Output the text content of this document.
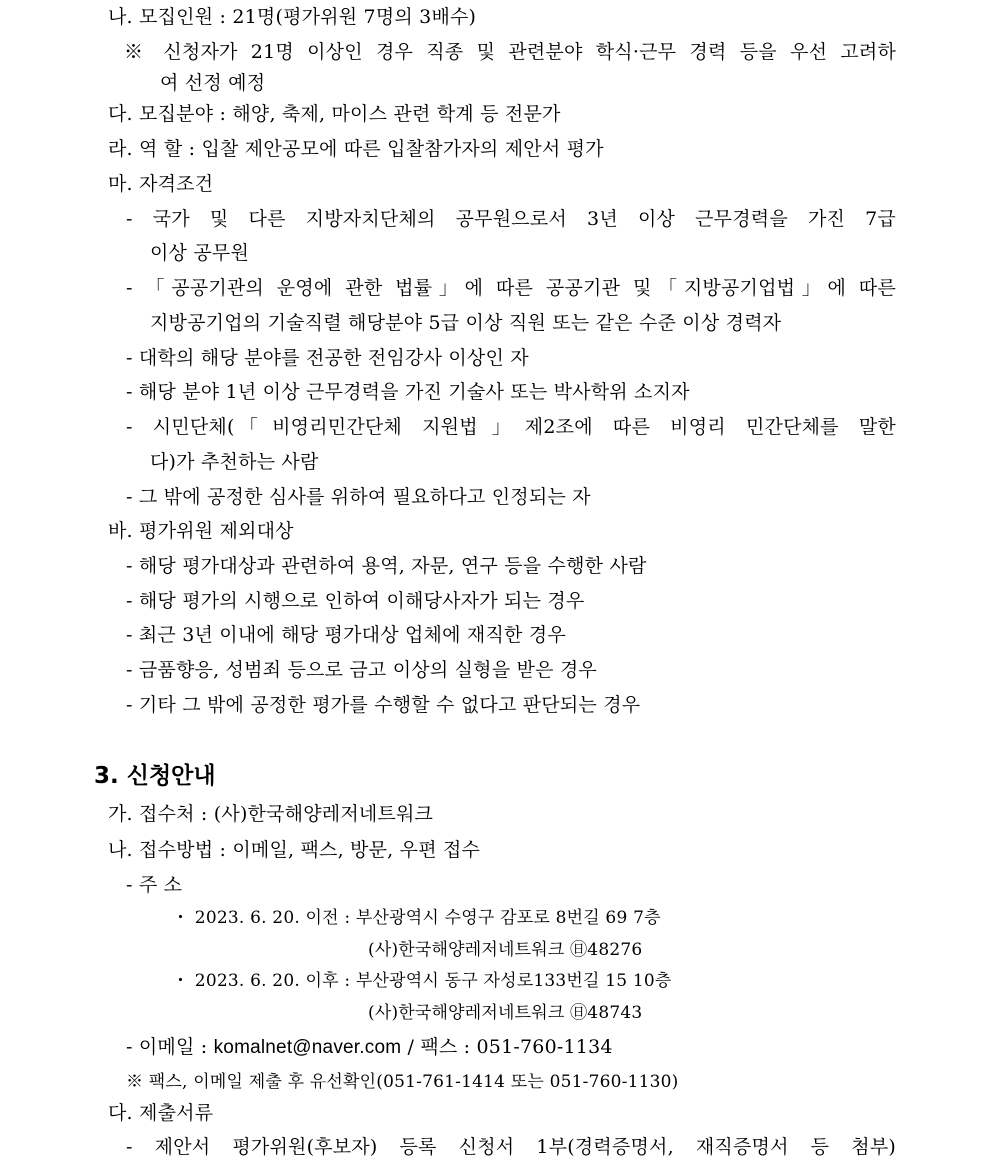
나. 모집인원 : 21명(평가위원 7명의 3배수)
※ 신청자가 21명 이상인 경우 직종 및 관련분야 학식·근무 경력 등을 우선 고려하
여 선정 예정
다. 모집분야 : 해양, 축제, 마이스 관련 학계 등 전문가
라. 역 할 : 입찰 제안공모에 따른 입찰참가자의 제안서 평가
마. 자격조건
- 국가 및 다른 지방자치단체의 공무원으로서 3년 이상 근무경력을 가진 7급
이상 공무원
- 「공공기관의 운영에 관한 법률」에 따른 공공기관 및「지방공기업법」에 따른
지방공기업의 기술직렬 해당분야 5급 이상 직원 또는 같은 수준 이상 경력자
- 대학의 해당 분야를 전공한 전임강사 이상인 자
- 해당 분야 1년 이상 근무경력을 가진 기술사 또는 박사학위 소지자
- 시민단체(「비영리민간단체 지원법」제2조에 따른 비영리 민간단체를 말한
다)가 추천하는 사람
- 그 밖에 공정한 심사를 위하여 필요하다고 인정되는 자
바. 평가위원 제외대상
- 해당 평가대상과 관련하여 용역, 자문, 연구 등을 수행한 사람
- 해당 평가의 시행으로 인하여 이해당사자가 되는 경우
- 최근 3년 이내에 해당 평가대상 업체에 재직한 경우
- 금품향응, 성범죄 등으로 금고 이상의 실형을 받은 경우
- 기타 그 밖에 공정한 평가를 수행할 수 없다고 판단되는 경우
3. 신청안내
가. 접수처 : (사)한국해양레저네트워크
나. 접수방법 : 이메일, 팩스, 방문, 우편 접수
- 주 소
・ 2023. 6. 20. 이전 : 부산광역시 수영구 감포로 8번길 69 7층
(사)한국해양레저네트워크 ㊐48276
・ 2023. 6. 20. 이후 : 부산광역시 동구 자성로133번길 15 10층
(사)한국해양레저네트워크 ㊐48743
- 이메일 : komalnet@naver.com / 팩스 : 051-760-1134
※ 팩스, 이메일 제출 후 유선확인(051-761-1414 또는 051-760-1130)
다. 제출서류
- 제안서 평가위원(후보자) 등록 신청서 1부(경력증명서, 재직증명서 등 첨부)
